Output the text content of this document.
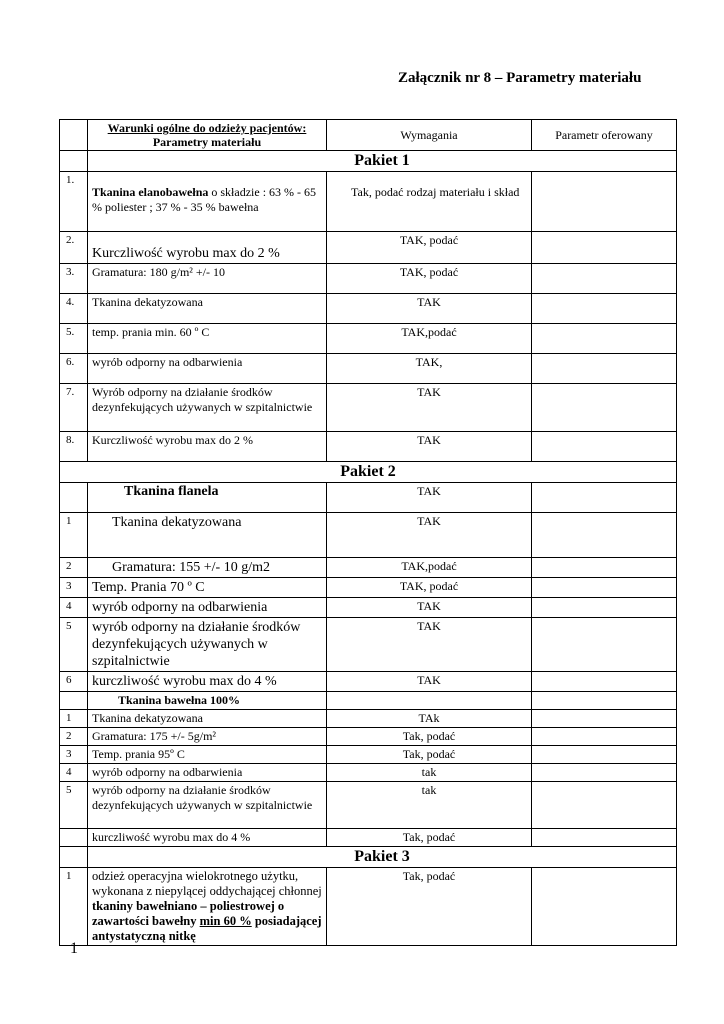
Załącznik nr 8 – Parametry materiału

	Warunki ogólne do odzieży pacjentów:
Parametry materiału	Wymagania	Parametr oferowany
	Pakiet 1		
1.	Tkanina elanobawełna o składzie : 63 % - 65 % poliester ; 37 % - 35 % bawełna	Tak, podać rodzaj materiału i skład	
2.	Kurczliwość wyrobu max do 2 %	TAK, podać	
3.	Gramatura: 180 g/m² +/- 10	TAK, podać	
4.	Tkanina dekatyzowana	TAK	
5.	temp. prania min. 60 º C	TAK,podać	
6.	wyrób odporny na odbarwienia	TAK,	
7.	Wyrób odporny na działanie środków dezynfekujących używanych w szpitalnictwie	TAK	
8.	Kurczliwość wyrobu max do 2 %	TAK	
Pakiet 2			
	Tkanina flanela	TAK	
1	Tkanina dekatyzowana	TAK	
2	Gramatura: 155 +/- 10 g/m2	TAK,podać	
3	Temp. Prania 70 º C	TAK, podać	
4	wyrób odporny na odbarwienia	TAK	
5	wyrób odporny na działanie środków dezynfekujących używanych w szpitalnictwie	TAK	
6	kurczliwość wyrobu max do 4 %	TAK	
	Tkanina bawełna 100%		
1	Tkanina dekatyzowana	TAk	
2	Gramatura: 175 +/- 5g/m²	Tak, podać	
3	Temp. prania 95º C	Tak, podać	
4	wyrób odporny na odbarwienia	tak	
5	wyrób odporny na działanie środków dezynfekujących używanych w szpitalnictwie	tak	
	kurczliwość wyrobu max do 4 %	Tak, podać	
	Pakiet 3		
1	odzież operacyjna wielokrotnego użytku, wykonana z niepylącej oddychającej chłonnej tkaniny bawełniano – poliestrowej o zawartości bawełny min 60 % posiadającej antystatyczną nitkę	Tak, podać	
1
